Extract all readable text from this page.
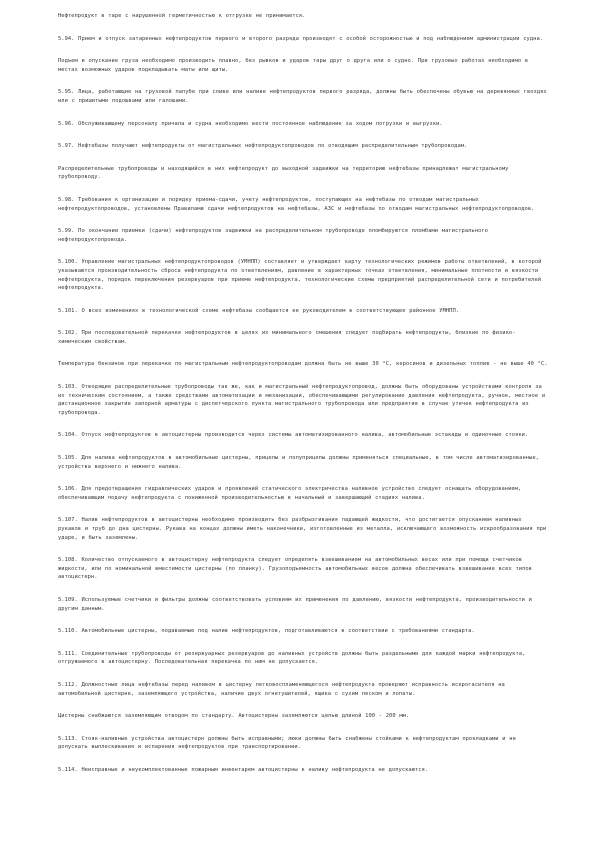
Нефтепродукт в таре с нарушенной герметичностью к отгрузке не принимается.

5.94. Прием и отпуск затаренных нефтепродуктов первого и второго разряда производят с особой осторожностью и под наблюдением администрации судна.

Подъем и опускание груза необходимо производить плавно, без рывков и ударов тары друг о друга или о судно. При грузовых работах необходимо в местах возможных ударов подкладывать маты или щиты.

5.95. Лица, работающие на грузовой палубе при сливе или наливе нефтепродуктов первого разряда, должны быть обеспечены обувью на деревянных гвоздях или с пришитыми подошвами или галошами.

5.96. Обслуживающему персоналу причала и судна необходимо вести постоянное наблюдение за ходом погрузки и выгрузки.

5.97. Нефтебазы получают нефтепродукты от магистральных нефтепродуктопроводов по отводящим распределительным трубопроводам.

Распределительные трубопроводы и находящийся в них нефтепродукт до выходной задвижки на территорию нефтебазы принадлежат магистральному трубопроводу.

5.98. Требования к организации и порядку приема-сдачи, учету нефтепродуктов, поступающих на нефтебазы по отводам магистральных нефтепродуктопроводов, установлены Правилами сдачи нефтепродуктов на нефтебазы, АЗС и нефтебазы по отводам магистральных нефтепродуктопроводов.

5.99. По окончании приемки (сдачи) нефтепродуктов задвижки на распределительном трубопроводе пломбируются пломбами магистрального нефтепродуктопровода.

5.100. Управление магистральных нефтепродуктопроводов (УМНПП) составляет и утверждает карту технологических режимов работы ответвлений, в которой указываются производительность сброса нефтепродукта по ответвлениям, давление в характерных точках ответвления, минимальные плотности и вязкости нефтепродукта, порядок переключения резервуаров при приеме нефтепродукта, технологические схемы предприятий распределительной сети и потребителей нефтепродукта.

5.101. О всех изменениях в технологической схеме нефтебазы сообщается ее руководителем в соответствующее районное УМНПП.

5.102. При последовательной перекачке нефтепродуктов в целях их минимального смешения следует подбирать нефтепродукты, близкие по физико-химическим свойствам.

Температура бензинов при перекачке по магистральным нефтепродуктопроводам должна быть не выше 30 °С, керосинов и дизельных топлив - не выше 40 °С.

5.103. Отводящие распределительные трубопроводы так же, как и магистральный нефтепродуктопровод, должны быть оборудованы устройствами контроля за их техническим состоянием, а также средствами автоматизации и механизации, обеспечивающими регулирование давления нефтепродукта, ручное, местное и дистанционное закрытие запорной арматуры с диспетчерского пункта магистрального трубопровода или предприятия в случае утечек нефтепродукта из трубопровода.

5.104. Отпуск нефтепродуктов в автоцистерны производится через системы автоматизированного налива, автомобильные эстакады и одиночные стояки.

5.105. Для налива нефтепродуктов в автомобильные цистерны, прицепы и полуприцепы должны применяться специальные, в том числе автоматизированные, устройства верхнего и нижнего налива.

5.106. Для предотвращения гидравлических ударов и проявлений статического электричества наливное устройство следует оснащать оборудованием, обеспечивающим подачу нефтепродукта с пониженной производительностью в начальный и завершающий стадиях налива.

5.107. Налив нефтепродуктов в автоцистерны необходимо производить без разбрызгивания падающей жидкости, что достигается опусканием наливных рукавов и труб до дна цистерны. Рукава на концах должны иметь наконечники, изготовленные из металла, исключающего возможность искрообразования при ударе, и быть заземлены.

5.108. Количество отпускаемого в автоцистерну нефтепродукта следует определять взвешиванием на автомобильных весах или при помощи счетчиков жидкости, или по номинальной вместимости цистерны (по планку). Грузоподъемность автомобильных весов должна обеспечивать взвешивание всех типов автоцистерн.

5.109. Используемые счетчики и фильтры должны соответствовать условиям их применения по давлению, вязкости нефтепродукта, производительности и другим данным.

5.110. Автомобильные цистерны, подаваемые под налив нефтепродуктов, подготавливаются в соответствии с требованиями стандарта.

5.111. Соединительные трубопроводы от резервуарных резервуаров до наливных устройств должны быть раздельными для каждой марки нефтепродукта, отгружаемого в автоцистерну. Последовательная перекачка по ним не допускается.

5.112. Должностные лица нефтебазы перед наливом в цистерну легковоспламеняющегося нефтепродукта проверяют исправность искрогасителя на автомобильной цистерне, заземляющего устройства, наличие двух огнетушителей, ящика с сухим песком и лопаты.

Цистерны снабжаются заземляющим отводом по стандарту. Автоцистерны заземляются цепью длиной 100 - 200 мм.

5.113. Стояк-наливные устройства автоцистерн должны быть исправными; люки должны быть снабжены стойками к нефтепродуктам прокладками и не допускать выплескивания и испарения нефтепродуктов при транспортировании.

5.114. Неисправные и неукомплектованные пожарным инвентарем автоцистерны к наливу нефтепродукта не допускаются.
